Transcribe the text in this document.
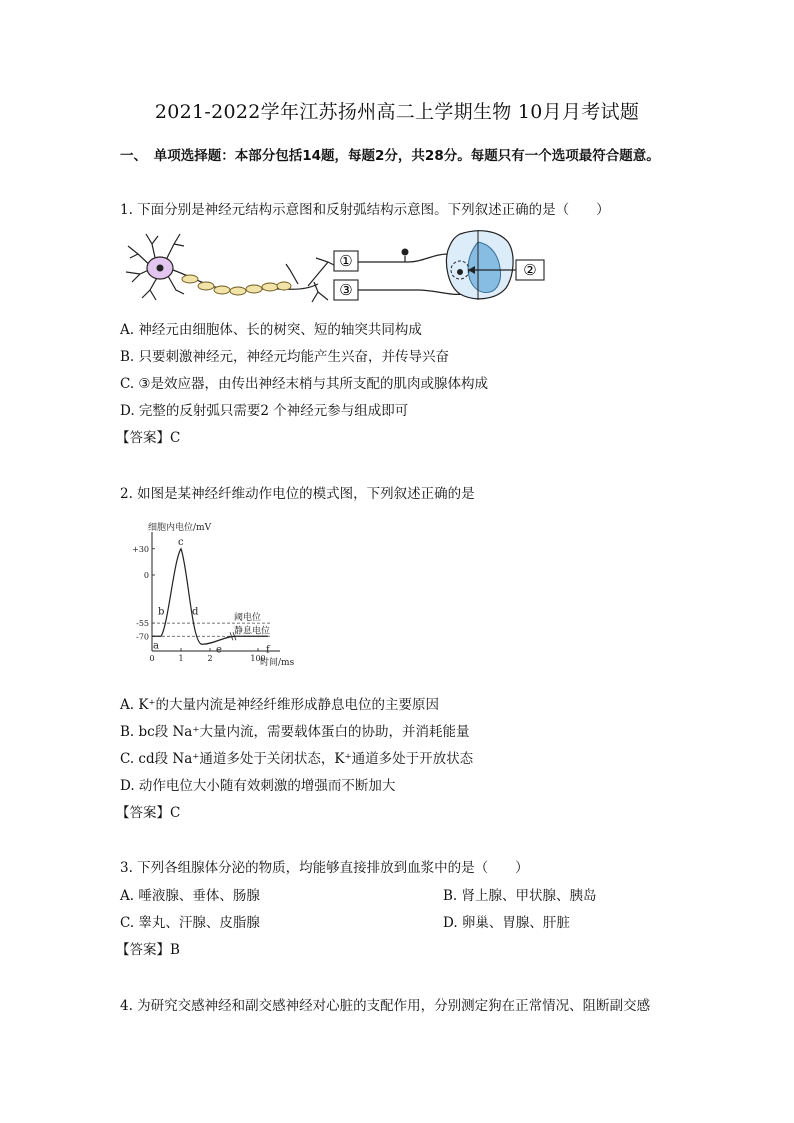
2021-2022学年江苏扬州高二上学期生物 10月月考试题
一、　单项选择题：本部分包括14题，每题2分，共28分。每题只有一个选项最符合题意。
1. 下面分别是神经元结构示意图和反射弧结构示意图。下列叙述正确的是（　　）
①
③
②
A. 神经元由细胞体、长的树突、短的轴突共同构成
B. 只要刺激神经元，神经元均能产生兴奋，并传导兴奋
C. ③是效应器，由传出神经末梢与其所支配的肌肉或腺体构成
D. 完整的反射弧只需要2 个神经元参与组成即可
【答案】C
2. 如图是某神经纤维动作电位的模式图，下列叙述正确的是
细胞内电位/mV
时间/ms
+30
0
-55
-70
0	1	2	100
阈电位
静息电位
a
b
c
d
e	f
A. K⁺的大量内流是神经纤维形成静息电位的主要原因
B. bc段 Na⁺大量内流，需要载体蛋白的协助，并消耗能量
C. cd段 Na⁺通道多处于关闭状态，K⁺通道多处于开放状态
D. 动作电位大小随有效刺激的增强而不断加大
【答案】C
3. 下列各组腺体分泌的物质，均能够直接排放到血浆中的是（　　）
A. 唾液腺、垂体、肠腺	B. 肾上腺、甲状腺、胰岛
C. 睾丸、汗腺、皮脂腺	D. 卵巢、胃腺、肝脏
【答案】B
4. 为研究交感神经和副交感神经对心脏的支配作用，分别测定狗在正常情况、阻断副交感
